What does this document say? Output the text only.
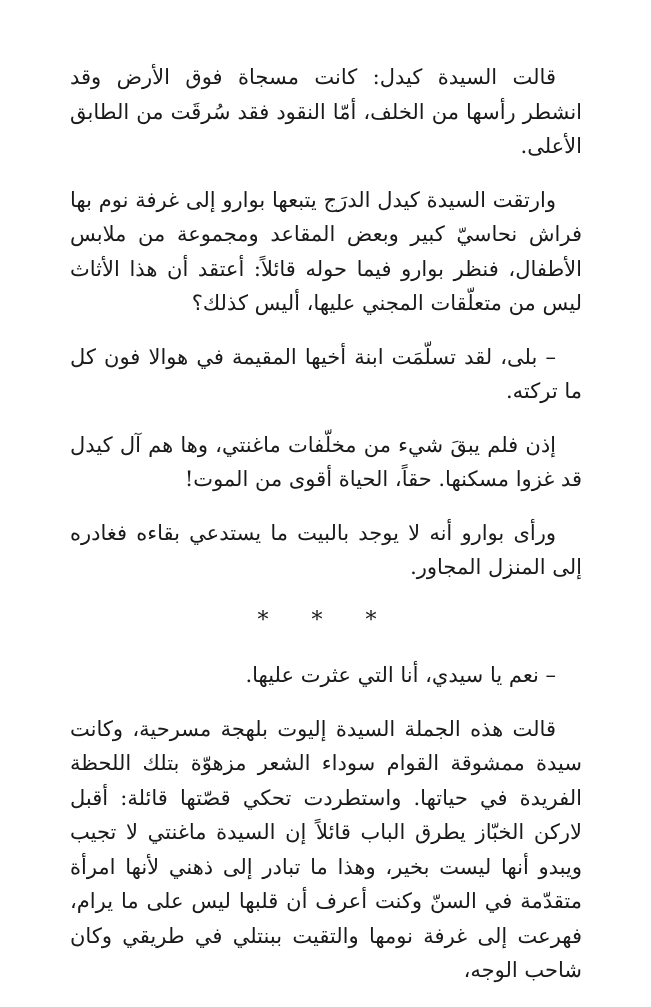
قالت السيدة كيدل: كانت مسجاة فوق الأرض وقد انشطر رأسها من الخلف، أمّا النقود فقد سُرقَت من الطابق الأعلى.

وارتقت السيدة كيدل الدرَج يتبعها بوارو إلى غرفة نوم بها فراش نحاسيّ كبير وبعض المقاعد ومجموعة من ملابس الأطفال، فنظر بوارو فيما حوله قائلاً: أعتقد أن هذا الأثاث ليس من متعلّقات المجني عليها، أليس كذلك؟

– بلى، لقد تسلّمَت ابنة أخيها المقيمة في هوالا فون كل ما تركته.

إذن فلم يبقَ شيء من مخلّفات ماغنتي، وها هم آل كيدل قد غزوا مسكنها. حقاً، الحياة أقوى من الموت!

ورأى بوارو أنه لا يوجد بالبيت ما يستدعي بقاءه فغادره إلى المنزل المجاور.

* * *

– نعم يا سيدي، أنا التي عثرت عليها.

قالت هذه الجملة السيدة إليوت بلهجة مسرحية، وكانت سيدة ممشوقة القوام سوداء الشعر مزهوّة بتلك اللحظة الفريدة في حياتها. واستطردت تحكي قصّتها قائلة: أقبل لاركن الخبّاز يطرق الباب قائلاً إن السيدة ماغنتي لا تجيب ويبدو أنها ليست بخير، وهذا ما تبادر إلى ذهني لأنها امرأة متقدّمة في السنّ وكنت أعرف أن قلبها ليس على ما يرام، فهرعت إلى غرفة نومها والتقيت ببنتلي في طريقي وكان شاحب الوجه،
